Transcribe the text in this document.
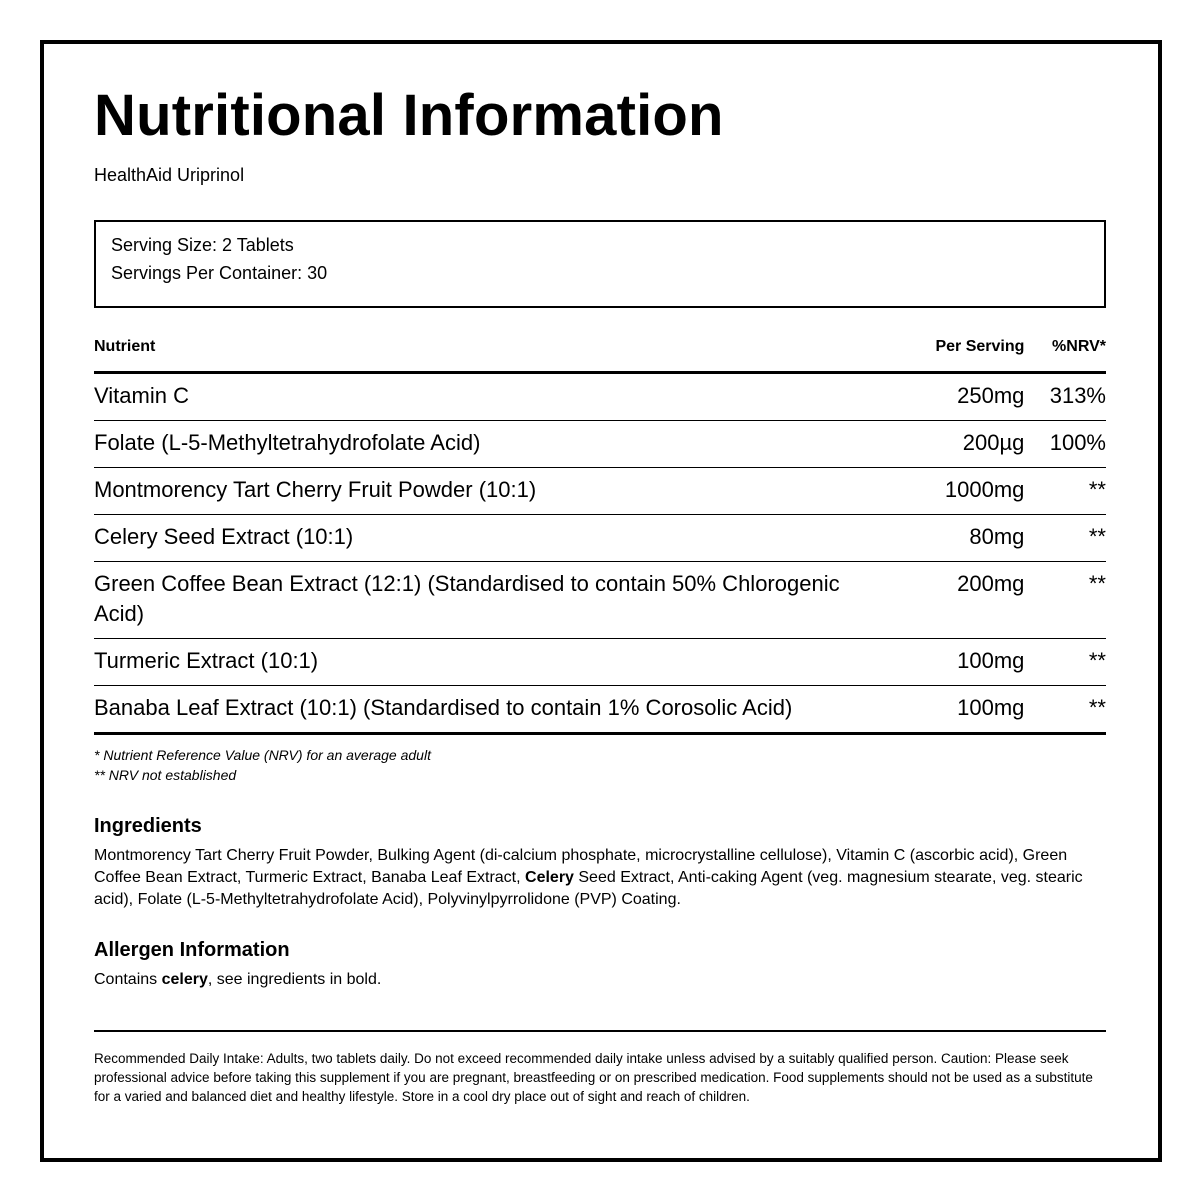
Nutritional Information
HealthAid Uriprinol
Serving Size: 2 Tablets
Servings Per Container: 30
Nutrient	Per Serving	%NRV*
Vitamin C	250mg	313%
Folate (L-5-Methyltetrahydrofolate Acid)	200µg	100%
Montmorency Tart Cherry Fruit Powder (10:1)	1000mg	**
Celery Seed Extract (10:1)	80mg	**
Green Coffee Bean Extract (12:1) (Standardised to contain 50% Chlorogenic Acid)	200mg	**
Turmeric Extract (10:1)	100mg	**
Banaba Leaf Extract (10:1) (Standardised to contain 1% Corosolic Acid)	100mg	**
* Nutrient Reference Value (NRV) for an average adult
** NRV not established
Ingredients
Montmorency Tart Cherry Fruit Powder, Bulking Agent (di-calcium phosphate, microcrystalline cellulose), Vitamin C (ascorbic acid), Green Coffee Bean Extract, Turmeric Extract, Banaba Leaf Extract, Celery Seed Extract, Anti-caking Agent (veg. magnesium stearate, veg. stearic acid), Folate (L-5-Methyltetrahydrofolate Acid), Polyvinylpyrrolidone (PVP) Coating.
Allergen Information
Contains celery, see ingredients in bold.
Recommended Daily Intake: Adults, two tablets daily. Do not exceed recommended daily intake unless advised by a suitably qualified person. Caution: Please seek professional advice before taking this supplement if you are pregnant, breastfeeding or on prescribed medication. Food supplements should not be used as a substitute for a varied and balanced diet and healthy lifestyle. Store in a cool dry place out of sight and reach of children.
